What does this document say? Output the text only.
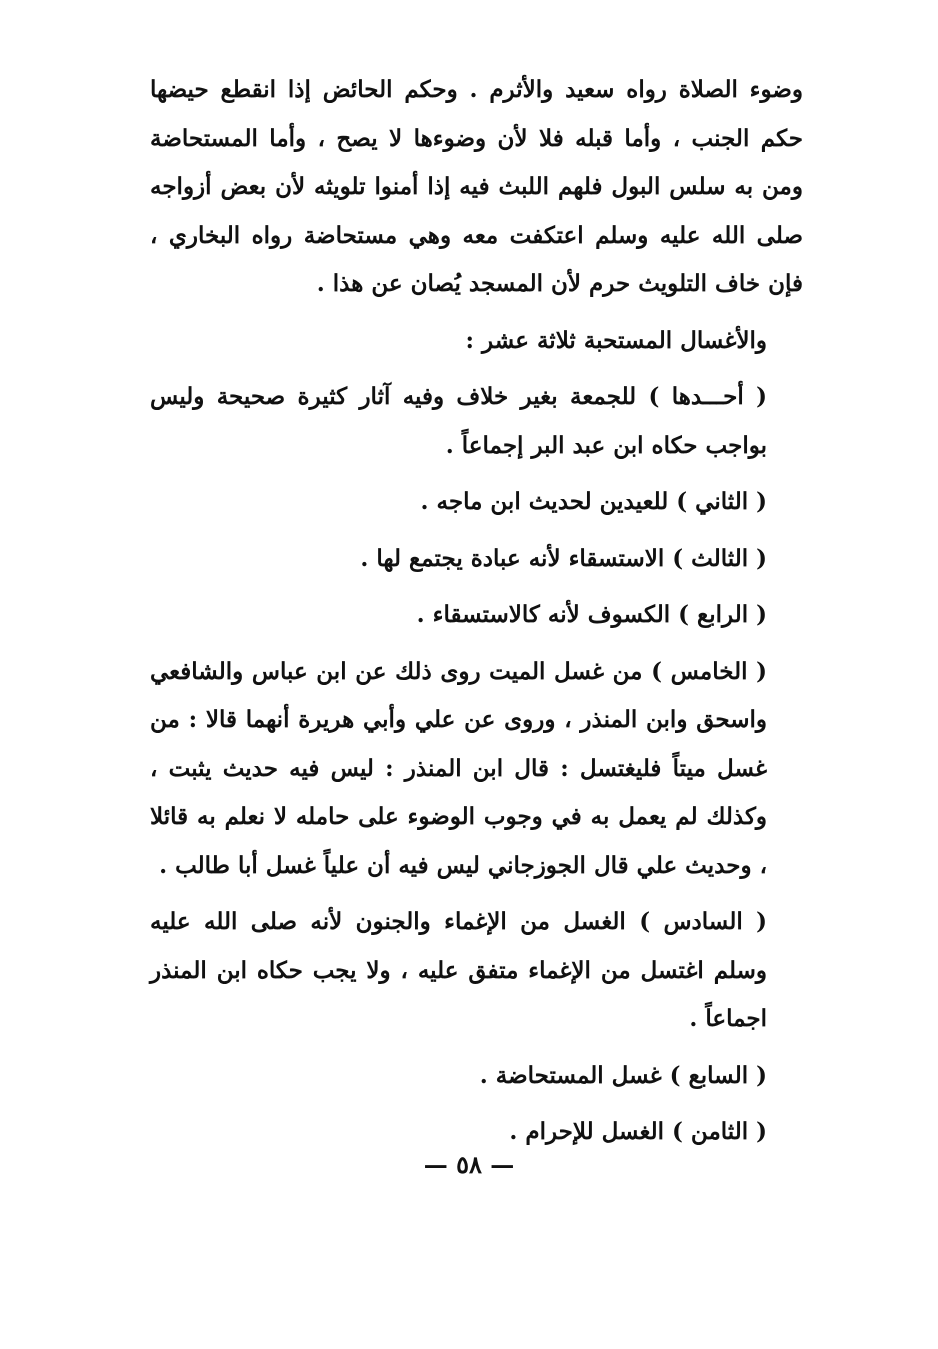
وضوء الصلاة رواه سعيد والأثرم . وحكم الحائض إذا انقطع حيضها حكم الجنب ، وأما قبله فلا لأن وضوءها لا يصح ، وأما المستحاضة ومن به سلس البول فلهم اللبث فيه إذا أمنوا تلويثه لأن بعض أزواجه صلى الله عليه وسلم اعتكفت معه وهي مستحاضة رواه البخاري ، فإن خاف التلويث حرم لأن المسجد يُصان عن هذا .

والأغسال المستحبة ثلاثة عشر :

( أحـــدها ) للجمعة بغير خلاف وفيه آثار كثيرة صحيحة وليس بواجب حكاه ابن عبد البر إجماعاً .

( الثاني ) للعيدين لحديث ابن ماجه .

( الثالث ) الاستسقاء لأنه عبادة يجتمع لها .

( الرابع ) الكسوف لأنه كالاستسقاء .

( الخامس ) من غسل الميت روى ذلك عن ابن عباس والشافعي واسحق وابن المنذر ، وروى عن علي وأبي هريرة أنهما قالا : من غسل ميتاً فليغتسل : قال ابن المنذر : ليس فيه حديث يثبت ، وكذلك لم يعمل به في وجوب الوضوء على حامله لا نعلم به قائلا ، وحديث علي قال الجوزجاني ليس فيه أن علياً غسل أبا طالب .

( السادس ) الغسل من الإغماء والجنون لأنه صلى الله عليه وسلم اغتسل من الإغماء متفق عليه ، ولا يجب حكاه ابن المنذر اجماعاً .

( السابع ) غسل المستحاضة .

( الثامن ) الغسل للإحرام .

— ٥٨ —
